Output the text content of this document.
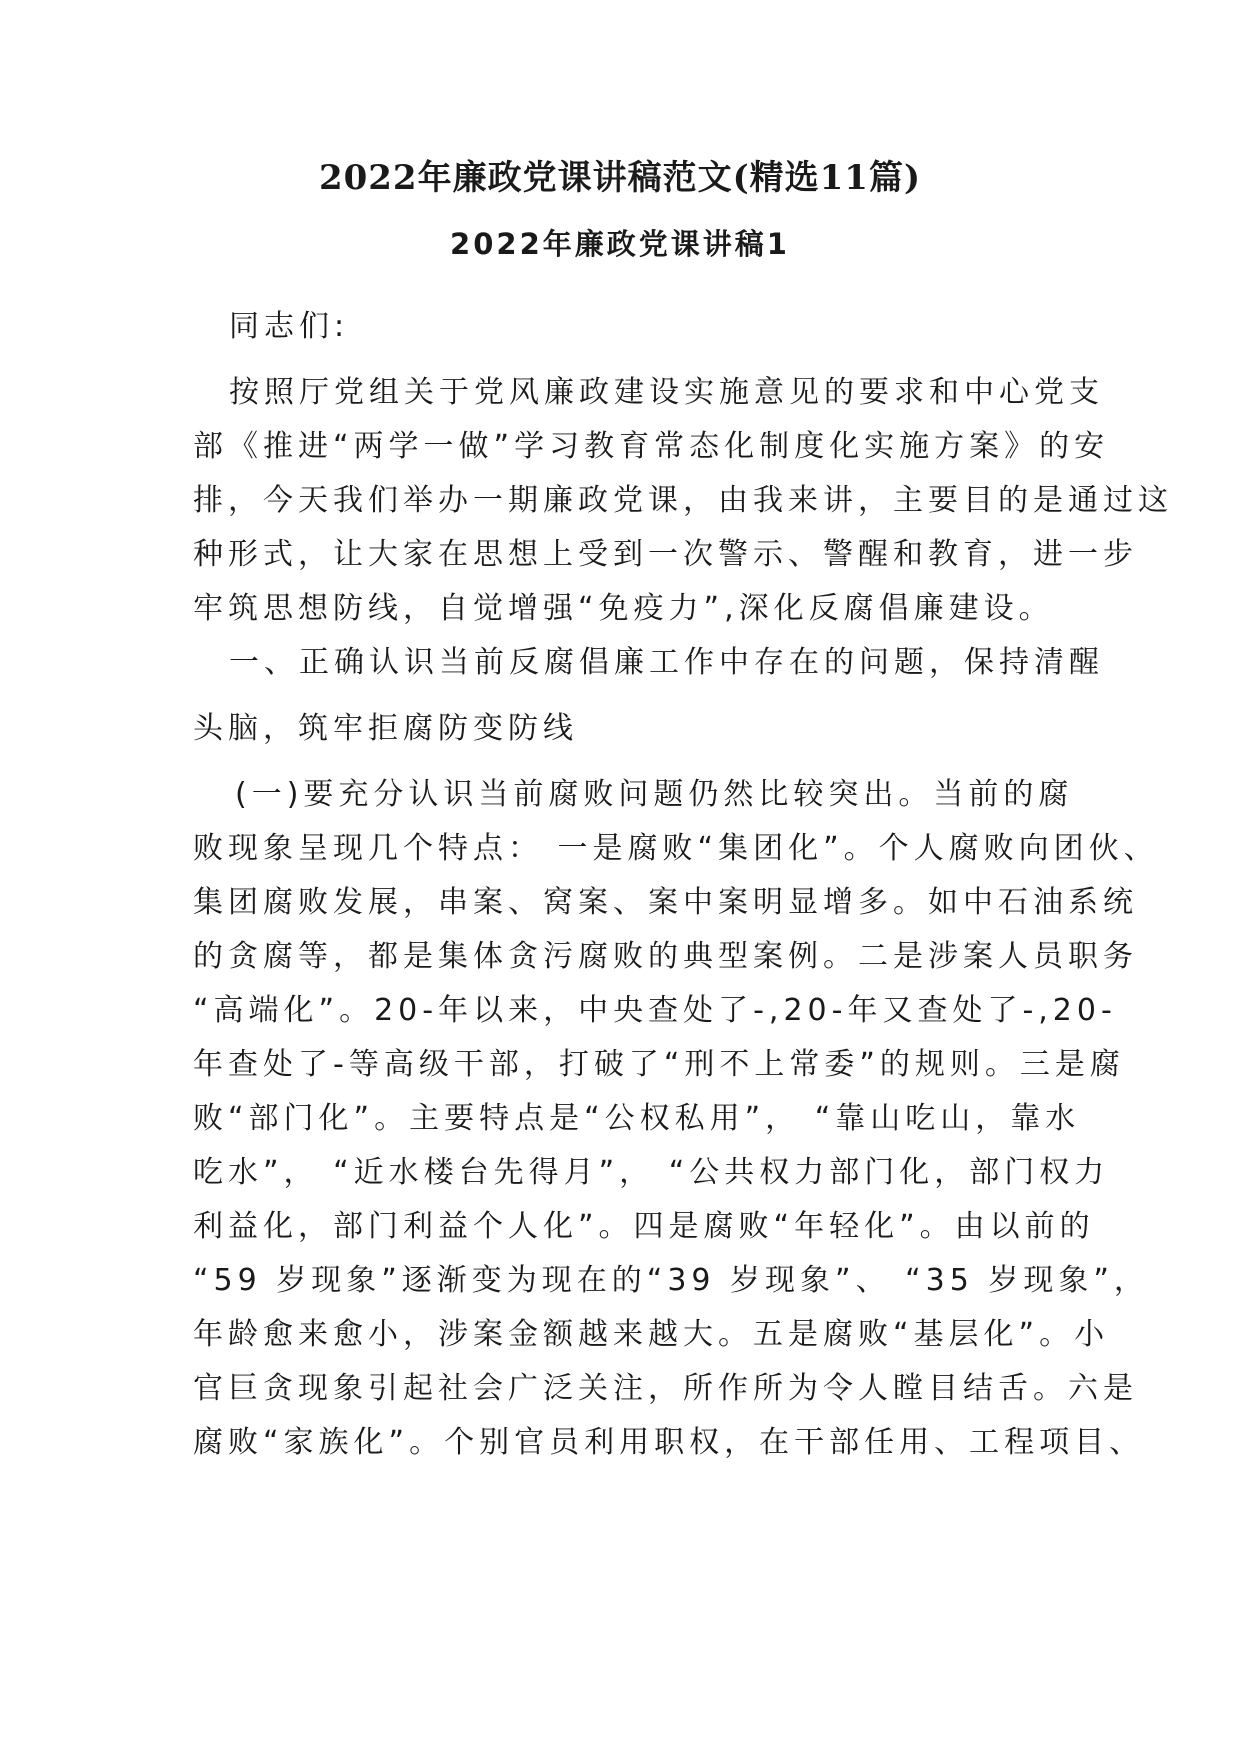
2022年廉政党课讲稿范文(精选11篇)
2022年廉政党课讲稿1

同志们:

按照厅党组关于党风廉政建设实施意见的要求和中心党支

部《推进“两学一做”学习教育常态化制度化实施方案》的安

排，今天我们举办一期廉政党课，由我来讲，主要目的是通过这

种形式，让大家在思想上受到一次警示、警醒和教育，进一步

牢筑思想防线，自觉增强“免疫力”,深化反腐倡廉建设。

一、正确认识当前反腐倡廉工作中存在的问题，保持清醒

头脑，筑牢拒腐防变防线

(一)要充分认识当前腐败问题仍然比较突出。当前的腐

败现象呈现几个特点： 一是腐败“集团化”。个人腐败向团伙、

集团腐败发展，串案、窝案、案中案明显增多。如中石油系统

的贪腐等，都是集体贪污腐败的典型案例。二是涉案人员职务

“高端化”。20-年以来，中央查处了-,20-年又查处了-,20-

年查处了-等高级干部，打破了“刑不上常委”的规则。三是腐

败“部门化”。主要特点是“公权私用”， “靠山吃山，靠水

吃水”， “近水楼台先得月”， “公共权力部门化，部门权力

利益化，部门利益个人化”。四是腐败“年轻化”。由以前的

“59 岁现象”逐渐变为现在的“39 岁现象”、 “35 岁现象”，

年龄愈来愈小，涉案金额越来越大。五是腐败“基层化”。小

官巨贪现象引起社会广泛关注，所作所为令人瞠目结舌。六是

腐败“家族化”。个别官员利用职权，在干部任用、工程项目、
